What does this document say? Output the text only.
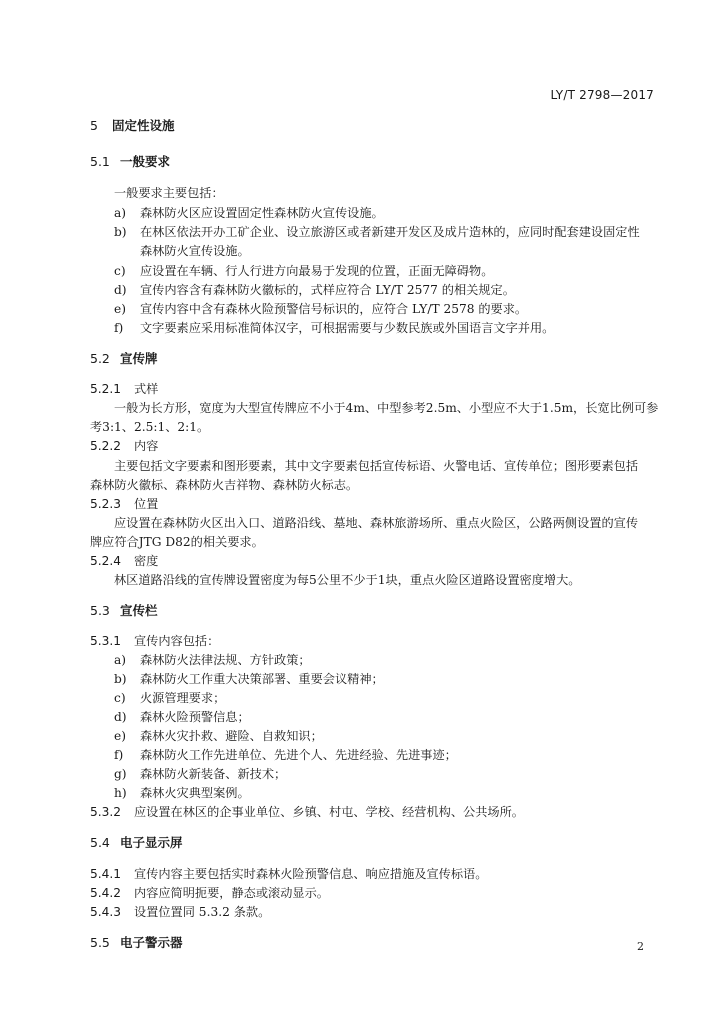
LY/T 2798—2017
5 固定性设施
5.1 一般要求
一般要求主要包括：
a) 森林防火区应设置固定性森林防火宣传设施。
b) 在林区依法开办工矿企业、设立旅游区或者新建开发区及成片造林的，应同时配套建设固定性
森林防火宣传设施。
c) 应设置在车辆、行人行进方向最易于发现的位置，正面无障碍物。
d) 宣传内容含有森林防火徽标的，式样应符合 LY/T 2577 的相关规定。
e) 宣传内容中含有森林火险预警信号标识的，应符合 LY/T 2578 的要求。
f) 文字要素应采用标准简体汉字，可根据需要与少数民族或外国语言文字并用。
5.2 宣传牌
5.2.1 式样
一般为长方形，宽度为大型宣传牌应不小于4m、中型参考2.5m、小型应不大于1.5m，长宽比例可参
考3:1、2.5:1、2:1。
5.2.2 内容
主要包括文字要素和图形要素，其中文字要素包括宣传标语、火警电话、宣传单位；图形要素包括
森林防火徽标、森林防火吉祥物、森林防火标志。
5.2.3 位置
应设置在森林防火区出入口、道路沿线、墓地、森林旅游场所、重点火险区，公路两侧设置的宣传
牌应符合JTG D82的相关要求。
5.2.4 密度
林区道路沿线的宣传牌设置密度为每5公里不少于1块，重点火险区道路设置密度增大。
5.3 宣传栏
5.3.1 宣传内容包括：
a) 森林防火法律法规、方针政策；
b) 森林防火工作重大决策部署、重要会议精神；
c) 火源管理要求；
d) 森林火险预警信息；
e) 森林火灾扑救、避险、自救知识；
f) 森林防火工作先进单位、先进个人、先进经验、先进事迹；
g) 森林防火新装备、新技术；
h) 森林火灾典型案例。
5.3.2 应设置在林区的企事业单位、乡镇、村屯、学校、经营机构、公共场所。
5.4 电子显示屏
5.4.1 宣传内容主要包括实时森林火险预警信息、响应措施及宣传标语。
5.4.2 内容应简明扼要，静态或滚动显示。
5.4.3 设置位置同 5.3.2 条款。
5.5 电子警示器	2
